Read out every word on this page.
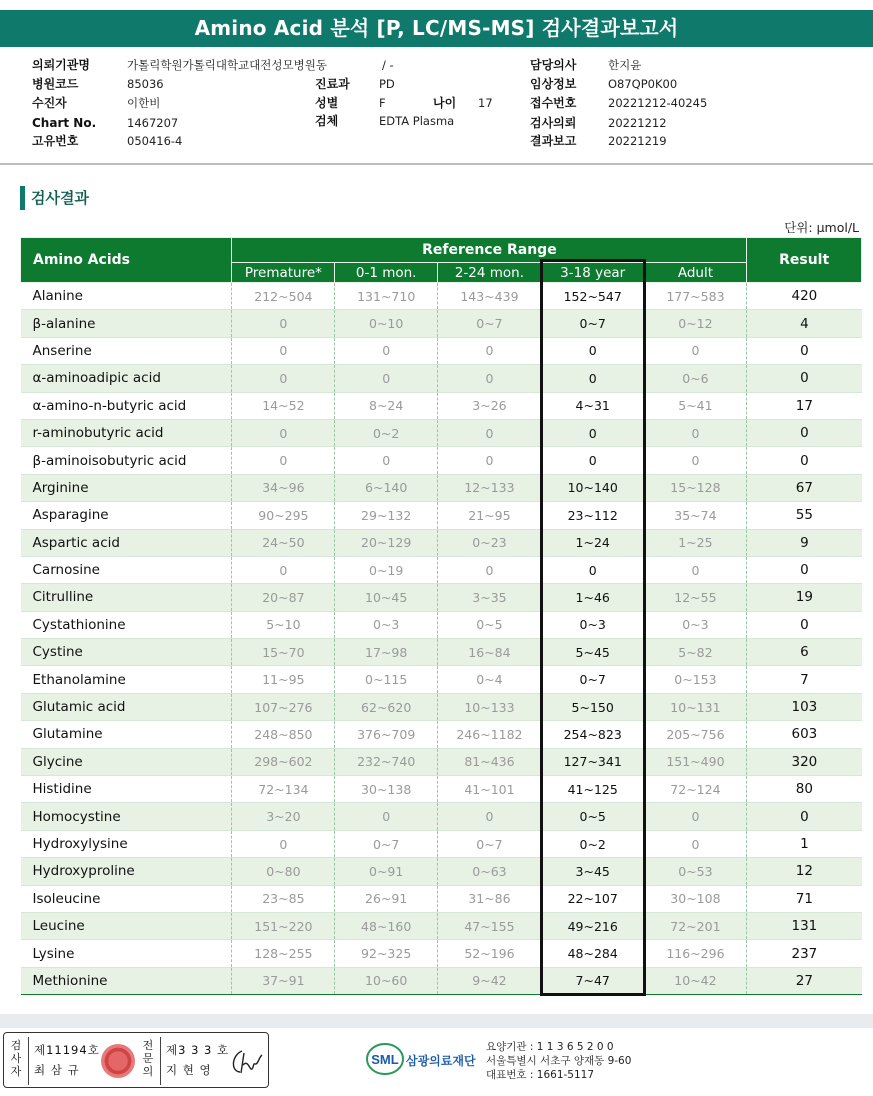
Amino Acid 분석 [P, LC/MS-MS] 검사결과보고서
의뢰기관명	가톨릭학원가톨릭대학교대전성모병원동	/ -
병원코드	85036	진료과	PD
수진자	이한비	성별	F	나이 17
Chart No.	1467207	검체	EDTA Plasma
고유번호	050416-4
담당의사	한지윤
임상정보	O87QP0K00
접수번호	20221212-40245
검사의뢰	20221212
결과보고	20221219
검사결과
단위: μmol/L
Amino Acids	Reference Range					Result
	Premature*	0-1 mon.	2-24 mon.	3-18 year	Adult	
Alanine	212~504	131~710	143~439	152~547	177~583	420
β-alanine	0	0~10	0~7	0~7	0~12	4
Anserine	0	0	0	0	0	0
α-aminoadipic acid	0	0	0	0	0~6	0
α-amino-n-butyric acid	14~52	8~24	3~26	4~31	5~41	17
r-aminobutyric acid	0	0~2	0	0	0	0
β-aminoisobutyric acid	0	0	0	0	0	0
Arginine	34~96	6~140	12~133	10~140	15~128	67
Asparagine	90~295	29~132	21~95	23~112	35~74	55
Aspartic acid	24~50	20~129	0~23	1~24	1~25	9
Carnosine	0	0~19	0	0	0	0
Citrulline	20~87	10~45	3~35	1~46	12~55	19
Cystathionine	5~10	0~3	0~5	0~3	0~3	0
Cystine	15~70	17~98	16~84	5~45	5~82	6
Ethanolamine	11~95	0~115	0~4	0~7	0~153	7
Glutamic acid	107~276	62~620	10~133	5~150	10~131	103
Glutamine	248~850	376~709	246~1182	254~823	205~756	603
Glycine	298~602	232~740	81~436	127~341	151~490	320
Histidine	72~134	30~138	41~101	41~125	72~124	80
Homocystine	3~20	0	0	0~5	0	0
Hydroxylysine	0	0~7	0~7	0~2	0	1
Hydroxyproline	0~80	0~91	0~63	3~45	0~53	12
Isoleucine	23~85	26~91	31~86	22~107	30~108	71
Leucine	151~220	48~160	47~155	49~216	72~201	131
Lysine	128~255	92~325	52~196	48~284	116~296	237
Methionine	37~91	10~60	9~42	7~47	10~42	27
검사자
제11194호
최 삼 규
전문의
제3 3 3 호
지 현 영
SML 삼광의료재단
요양기관 : 1 1 3 6 5 2 0 0
서울특별시 서초구 양재동 9-60
대표번호 : 1661-5117
